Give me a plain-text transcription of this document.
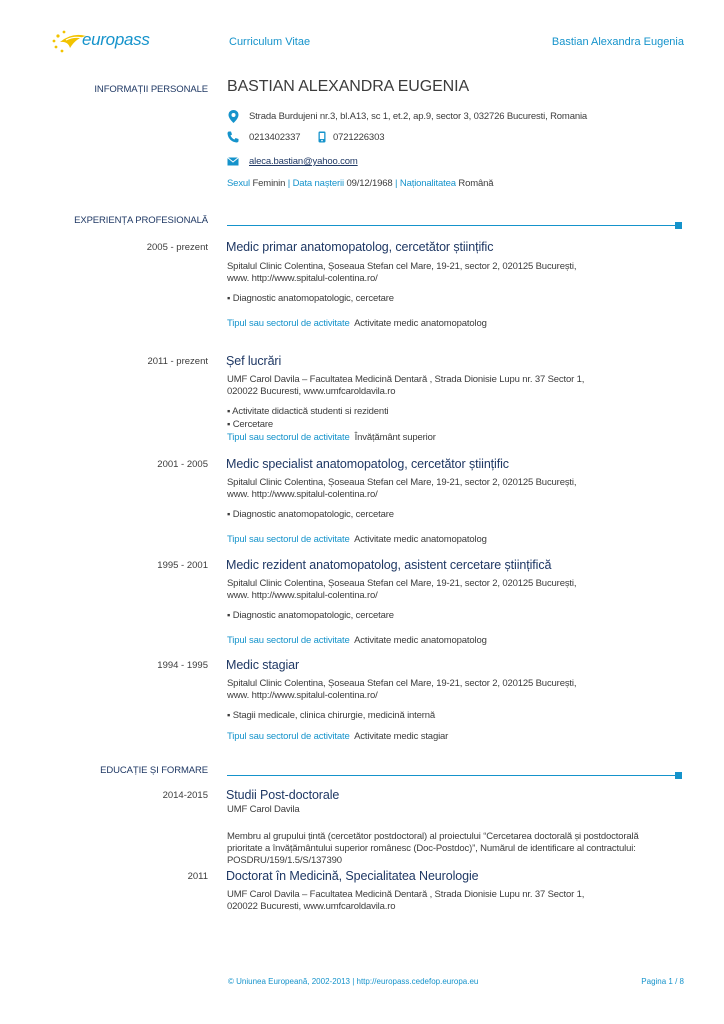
europass	Curriculum Vitae	Bastian Alexandra Eugenia
INFORMAȚII PERSONALE BASTIAN ALEXANDRA EUGENIA
Strada Burdujeni nr.3, bl.A13, sc 1, et.2, ap.9, sector 3, 032726 Bucuresti, Romania
0213402337	0721226303
aleca.bastian@yahoo.com
Sexul Feminin | Data nașterii 09/12/1968 | Naționalitatea Română
EXPERIENȚA PROFESIONALĂ
2005 - prezent Medic primar anatomopatolog, cercetător științific
Spitalul Clinic Colentina, Șoseaua Stefan cel Mare, 19-21, sector 2, 020125 București,
www. http://www.spitalul-colentina.ro/
▪ Diagnostic anatomopatologic, cercetare
Tipul sau sectorul de activitate Activitate medic anatomopatolog
2011 - prezent Șef lucrări
UMF Carol Davila – Facultatea Medicină Dentară , Strada Dionisie Lupu nr. 37 Sector 1,
020022 Bucuresti, www.umfcaroldavila.ro
▪ Activitate didactică studenti si rezidenti
▪ Cercetare
Tipul sau sectorul de activitate Învățământ superior
2001 - 2005 Medic specialist anatomopatolog, cercetător științific
Spitalul Clinic Colentina, Șoseaua Stefan cel Mare, 19-21, sector 2, 020125 București,
www. http://www.spitalul-colentina.ro/
▪ Diagnostic anatomopatologic, cercetare
Tipul sau sectorul de activitate Activitate medic anatomopatolog
1995 - 2001 Medic rezident anatomopatolog, asistent cercetare științifică
Spitalul Clinic Colentina, Șoseaua Stefan cel Mare, 19-21, sector 2, 020125 București,
www. http://www.spitalul-colentina.ro/
▪ Diagnostic anatomopatologic, cercetare
Tipul sau sectorul de activitate Activitate medic anatomopatolog
1994 - 1995 Medic stagiar
Spitalul Clinic Colentina, Șoseaua Stefan cel Mare, 19-21, sector 2, 020125 București,
www. http://www.spitalul-colentina.ro/
▪ Stagii medicale, clinica chirurgie, medicină internă
Tipul sau sectorul de activitate Activitate medic stagiar
EDUCAȚIE ȘI FORMARE
2014-2015 Studii Post-doctorale
UMF Carol Davila
Membru al grupului țintă (cercetător postdoctoral) al proiectului “Cercetarea doctorală și postdoctorală
prioritate a învățământului superior românesc (Doc-Postdoc)”, Numărul de identificare al contractului:
POSDRU/159/1.5/S/137390
2011 Doctorat în Medicină, Specialitatea Neurologie
UMF Carol Davila – Facultatea Medicină Dentară , Strada Dionisie Lupu nr. 37 Sector 1,
020022 Bucuresti, www.umfcaroldavila.ro
© Uniunea Europeană, 2002-2013 | http://europass.cedefop.europa.eu	Pagina 1 / 8
